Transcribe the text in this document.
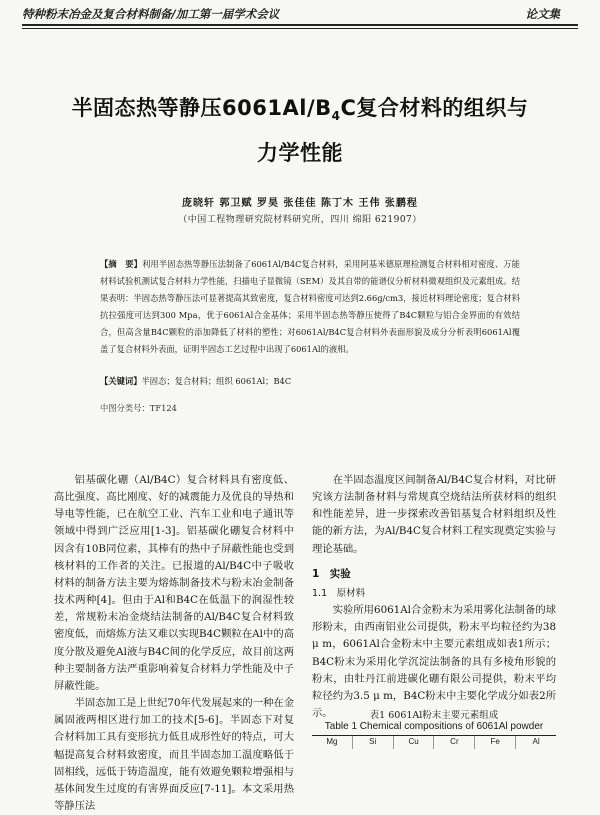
特种粉末冶金及复合材料制备/加工第一届学术会议	论文集
半固态热等静压$6061Al/B_4C$复合材料的组织与
力学性能
庞晓轩 郭卫赋 罗昊 张佳佳 陈丁木 王伟 张鹏程
（中国工程物理研究院材料研究所，四川 绵阳 621907）
【摘　要】利用半固态热等静压法制备了6061Al/B4C复合材料，采用阿基米德原理检测复合材料相对密度、万能材料试验机测试复合材料力学性能，扫描电子显微镜（SEM）及其自带的能谱仪分析材料微观组织及元素组成。结果表明：半固态热等静压法可显著提高其致密度，复合材料密度可达到2.66g/cm3，接近材料理论密度；复合材料抗拉强度可达到300 Mpa，优于6061Al合金基体；采用半固态热等静压使得了B4C颗粒与铝合金界面的有效结合，但高含量B4C颗粒的添加降低了材料的塑性；对6061Al/B4C复合材料外表面形貌及成分分析表明6061Al覆盖了复合材料外表面，证明半固态工艺过程中出现了6061Al的液相。
【关键词】半固态；复合材料；组织 6061Al；B4C
中图分类号：TF124

铝基碳化硼（Al/B4C）复合材料具有密度低、高比强度、高比刚度、好的减震能力及优良的导热和导电等性能，已在航空工业、汽车工业和电子通讯等领域中得到广泛应用[1-3]。铝基碳化硼复合材料中因含有10B同位素，其棒有的热中子屏蔽性能也受到核材料的工作者的关注。已报道的Al/B4C中子吸收材料的制备方法主要为熔炼制备技术与粉末冶金制备技术两种[4]。但由于Al和B4C在低温下的润湿性较差，常规粉末冶金烧结法制备的Al/B4C复合材料致密度低，而熔炼方法又难以实现B4C颗粒在Al中的高度分散及避免Al液与B4C间的化学反应，故目前这两种主要制备方法严重影响着复合材料力学性能及中子屏蔽性能。

半固态加工是上世纪70年代发展起来的一种在金属固液两相区进行加工的技术[5-6]。半固态下对复合材料加工具有变形抗力低且成形性好的特点，可大幅提高复合材料致密度，而且半固态加工温度略低于固相线，远低于铸造温度，能有效避免颗粒增强相与基体间发生过度的有害界面反应[7-11]。本文采用热等静压法

在半固态温度区间制备Al/B4C复合材料，对比研究该方法制备材料与常规真空烧结法所获材料的组织和性能差异，进一步探索改善铝基复合材料组织及性能的新方法，为Al/B4C复合材料工程实现奠定实验与理论基础。

1　实验
1.1　原材料

实验所用6061Al合金粉末为采用雾化法制备的球形粉末，由西南铝业公司提供，粉末平均粒径约为38 μ m，6061Al合金粉末中主要元素组成如表1所示；B4C粉末为采用化学沉淀法制备的具有多棱角形貌的粉末，由牡丹江前进碳化硼有限公司提供，粉末平均粒径约为3.5 μ m，B4C粉末中主要化学成分如表2所示。	表1 6061Al粉末主要元素组成
Table 1 Chemical compositions of 6061Al powder
Mg	Si	Cu	Cr	Fe	Al
